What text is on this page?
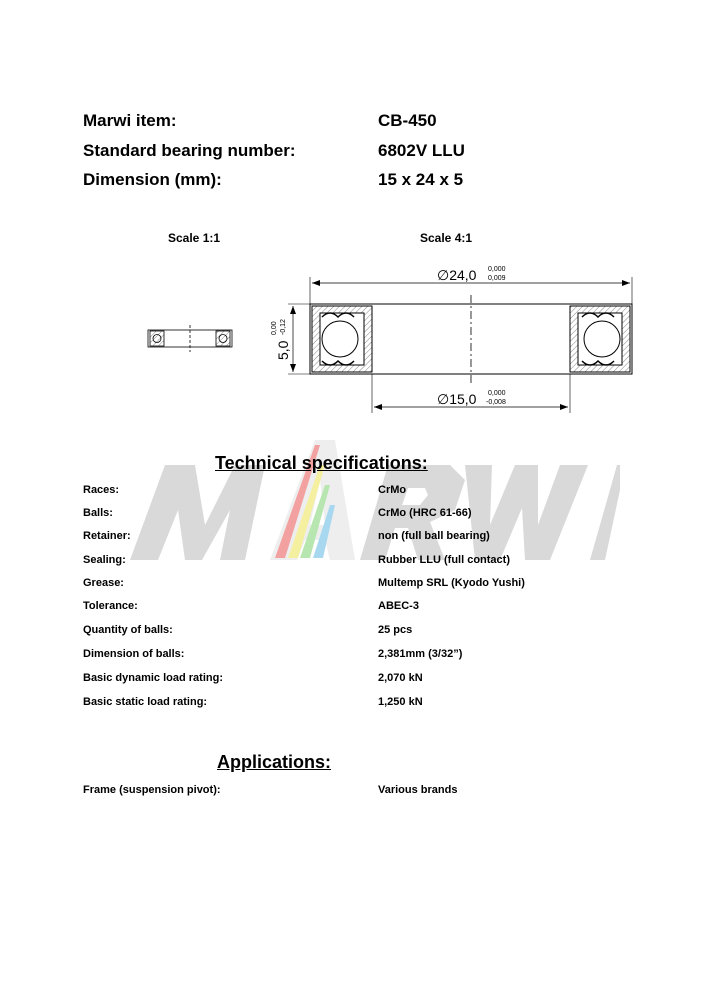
Marwi item:	CB-450
Standard bearing number:	6802V LLU
Dimension (mm):	15 x 24 x 5
Scale 1:1	Scale 4:1
∅24,0 0,000
0,009
∅15,0 0,000
-0,008
5,0
0,00 -0,12
Technical specifications:
Races:	CrMo
Balls:	CrMo (HRC 61-66)
Retainer:	non (full ball bearing)
Sealing:	Rubber LLU (full contact)
Grease:	Multemp SRL (Kyodo Yushi)
Tolerance:	ABEC-3
Quantity of balls:	25 pcs
Dimension of balls:	2,381mm (3/32”)
Basic dynamic load rating:	2,070 kN
Basic static load rating:	1,250 kN
Applications:
Frame (suspension pivot):	Various brands
